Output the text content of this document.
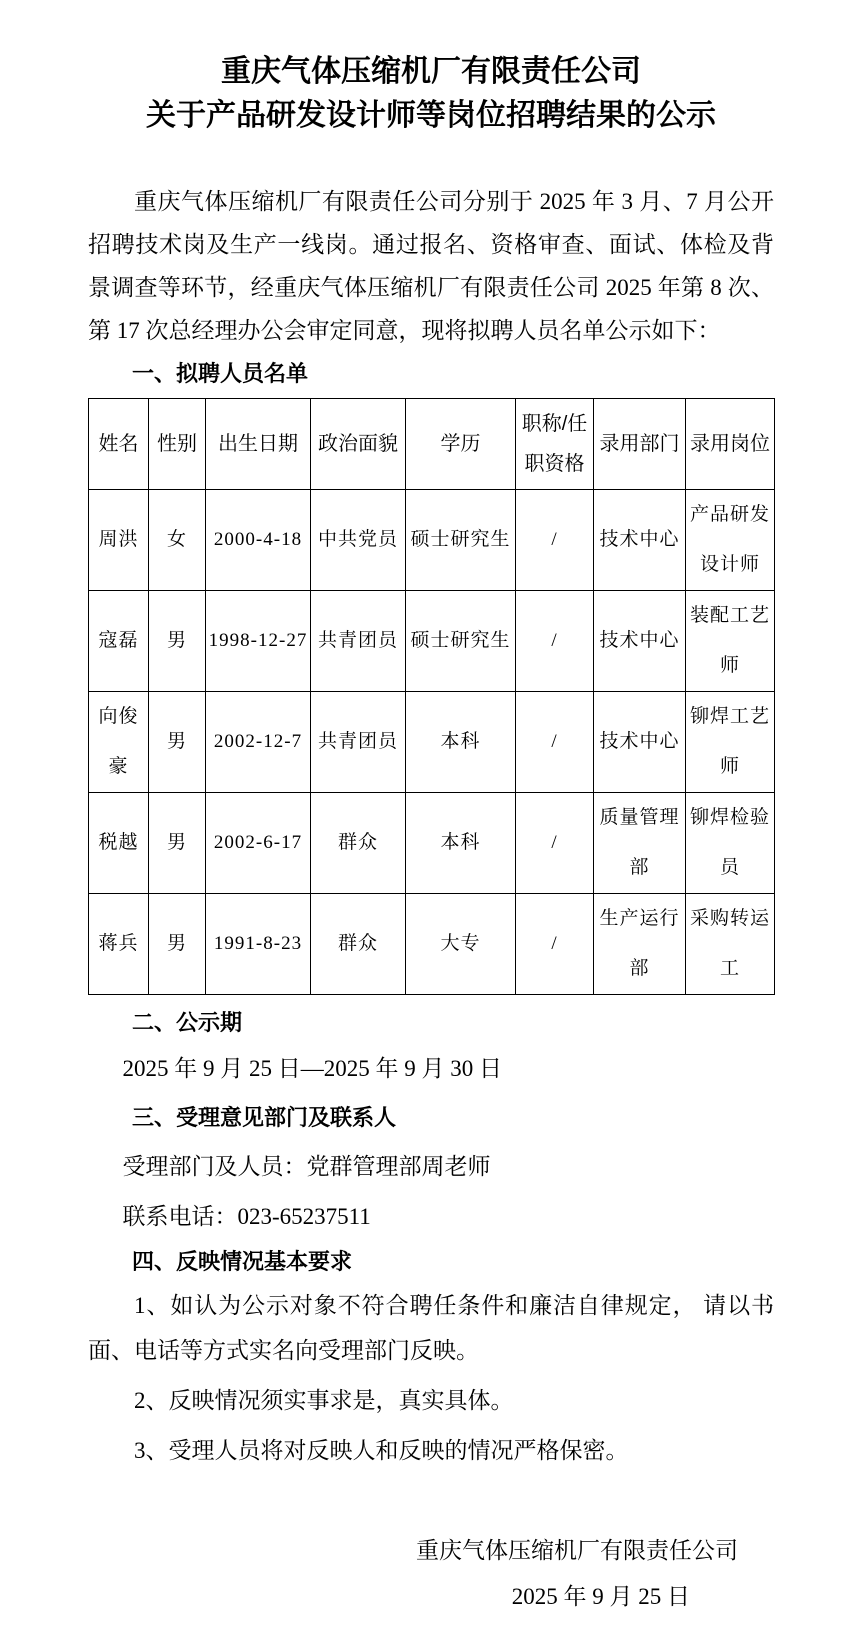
重庆气体压缩机厂有限责任公司
关于产品研发设计师等岗位招聘结果的公示

重庆气体压缩机厂有限责任公司分别于 2025 年 3 月、7 月公开招聘技术岗及生产一线岗。通过报名、资格审查、面试、体检及背景调查等环节，经重庆气体压缩机厂有限责任公司 2025 年第 8 次、第 17 次总经理办公会审定同意，现将拟聘人员名单公示如下：

一、拟聘人员名单
姓名	性别	出生日期	政治面貌	学历	职称/任职资格	录用部门	录用岗位
周洪	女	2000-4-18	中共党员	硕士研究生	/	技术中心	产品研发设计师
寇磊	男	1998-12-27	共青团员	硕士研究生	/	技术中心	装配工艺师
向俊豪	男	2002-12-7	共青团员	本科	/	技术中心	铆焊工艺师
税越	男	2002-6-17	群众	本科	/	质量管理部	铆焊检验员
蒋兵	男	1991-8-23	群众	大专	/	生产运行部	采购转运工
二、公示期

2025 年 9 月 25 日—2025 年 9 月 30 日

三、受理意见部门及联系人

受理部门及人员：党群管理部周老师

联系电话：023-65237511

四、反映情况基本要求

1、如认为公示对象不符合聘任条件和廉洁自律规定， 请以书面、电话等方式实名向受理部门反映。

2、反映情况须实事求是，真实具体。

3、受理人员将对反映人和反映的情况严格保密。

重庆气体压缩机厂有限责任公司
2025 年 9 月 25 日
